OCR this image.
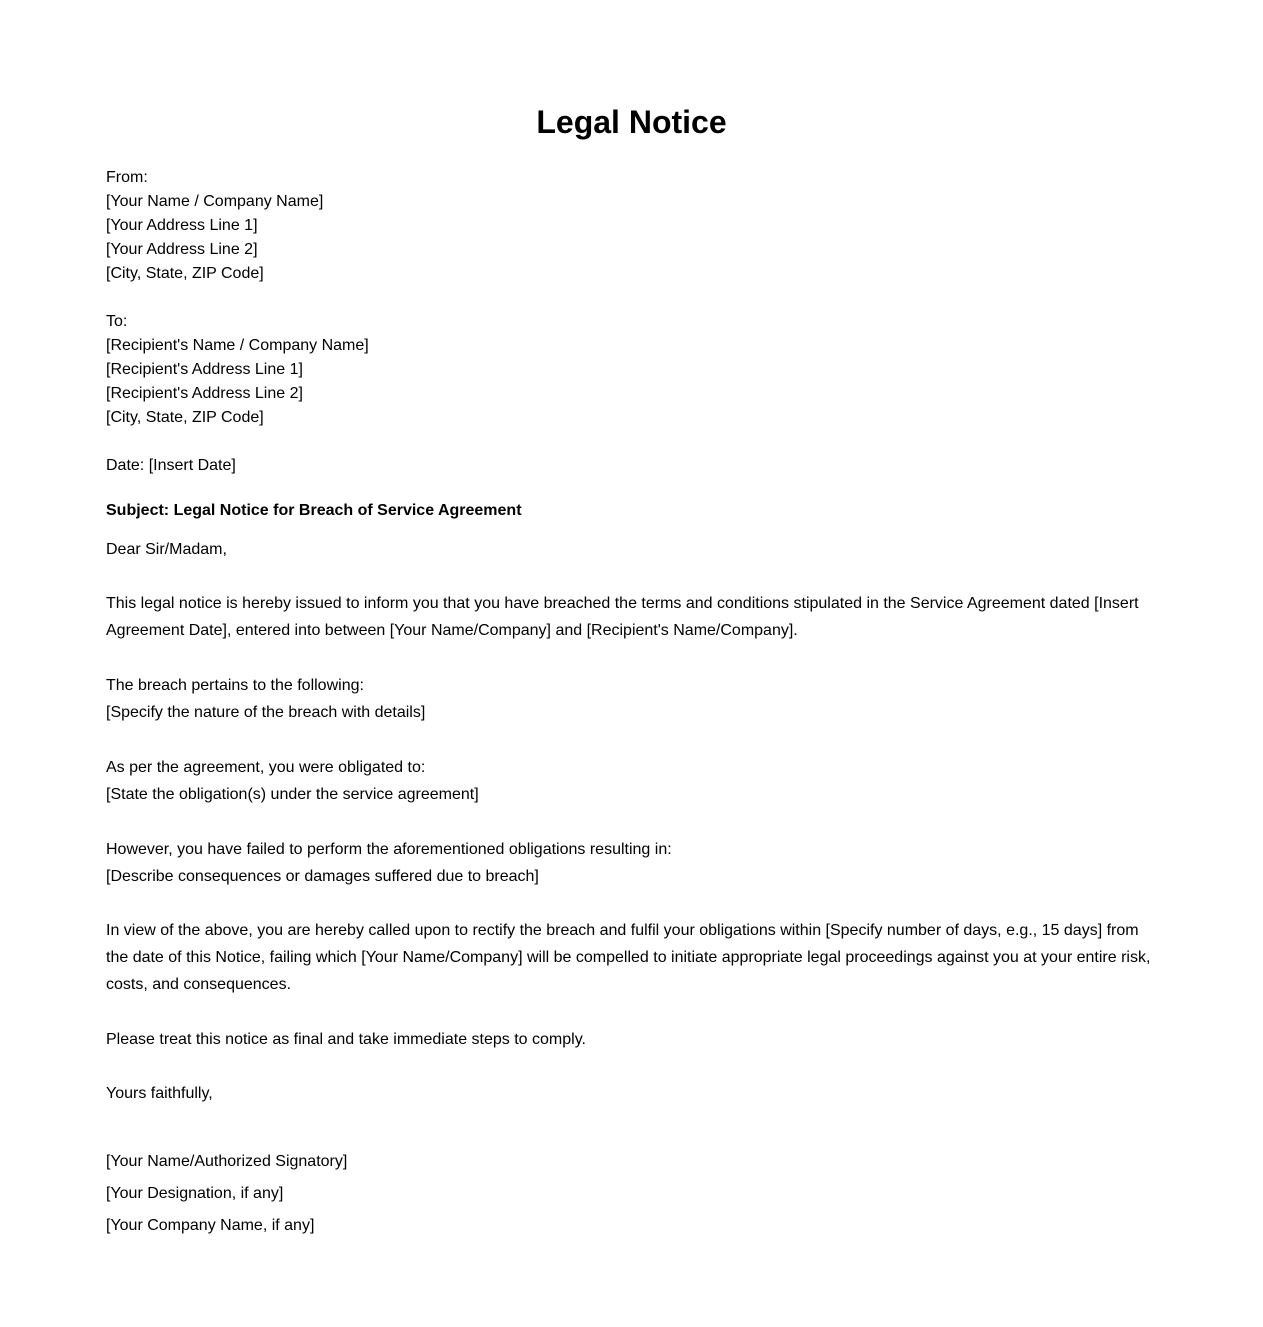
Legal Notice
From:
[Your Name / Company Name]
[Your Address Line 1]
[Your Address Line 2]
[City, State, ZIP Code]
To:
[Recipient's Name / Company Name]
[Recipient's Address Line 1]
[Recipient's Address Line 2]
[City, State, ZIP Code]
Date: [Insert Date]
Subject: Legal Notice for Breach of Service Agreement
Dear Sir/Madam,
This legal notice is hereby issued to inform you that you have breached the terms and conditions stipulated in the Service Agreement dated [Insert Agreement Date], entered into between [Your Name/Company] and [Recipient's Name/Company].
The breach pertains to the following:
[Specify the nature of the breach with details]
As per the agreement, you were obligated to:
[State the obligation(s) under the service agreement]
However, you have failed to perform the aforementioned obligations resulting in:
[Describe consequences or damages suffered due to breach]
In view of the above, you are hereby called upon to rectify the breach and fulfil your obligations within [Specify number of days, e.g., 15 days] from the date of this Notice, failing which [Your Name/Company] will be compelled to initiate appropriate legal proceedings against you at your entire risk, costs, and consequences.
Please treat this notice as final and take immediate steps to comply.
Yours faithfully,
[Your Name/Authorized Signatory]
[Your Designation, if any]
[Your Company Name, if any]
